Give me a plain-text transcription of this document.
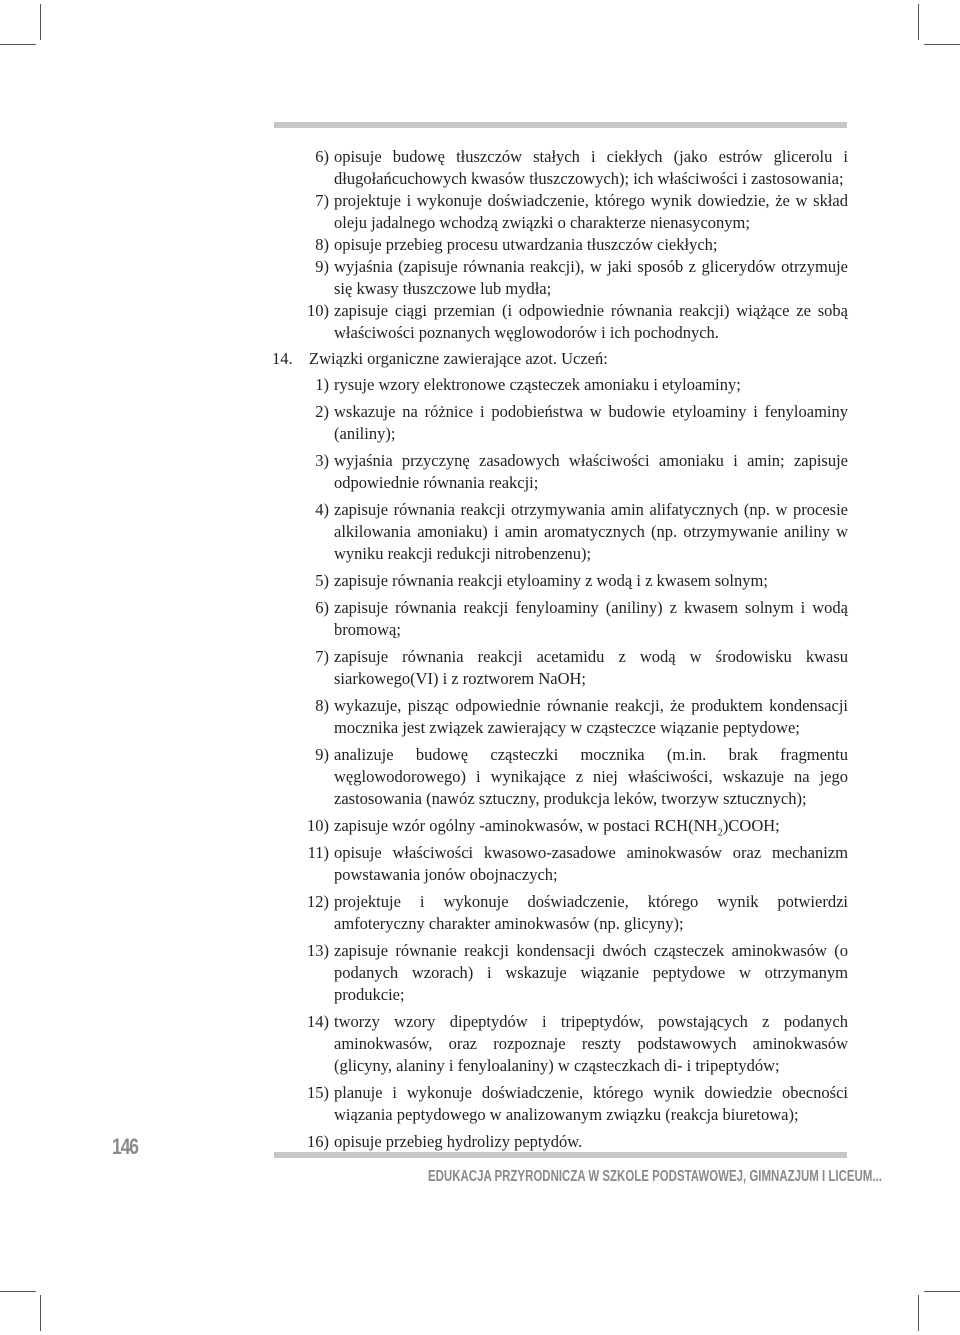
6) opisuje budowę tłuszczów stałych i ciekłych (jako estrów glicerolu i długołańcuchowych kwasów tłuszczowych); ich właściwości i zastosowania;
7) projektuje i wykonuje doświadczenie, którego wynik dowiedzie, że w skład oleju jadalnego wchodzą związki o charakterze nienasyconym;
8) opisuje przebieg procesu utwardzania tłuszczów ciekłych;
9) wyjaśnia (zapisuje równania reakcji), w jaki sposób z glicerydów otrzymuje się kwasy tłuszczowe lub mydła;
10) zapisuje ciągi przemian (i odpowiednie równania reakcji) wiążące ze sobą właściwości poznanych węglowodorów i ich pochodnych.
14. Związki organiczne zawierające azot. Uczeń:
1) rysuje wzory elektronowe cząsteczek amoniaku i etyloaminy;
2) wskazuje na różnice i podobieństwa w budowie etyloaminy i fenyloaminy (aniliny);
3) wyjaśnia przyczynę zasadowych właściwości amoniaku i amin; zapisuje odpowiednie równania reakcji;
4) zapisuje równania reakcji otrzymywania amin alifatycznych (np. w procesie alkilowania amoniaku) i amin aromatycznych (np. otrzymywanie aniliny w wyniku reakcji redukcji nitrobenzenu);
5) zapisuje równania reakcji etyloaminy z wodą i z kwasem solnym;
6) zapisuje równania reakcji fenyloaminy (aniliny) z kwasem solnym i wodą bromową;
7) zapisuje równania reakcji acetamidu z wodą w środowisku kwasu siarkowego(VI) i z roztworem NaOH;
8) wykazuje, pisząc odpowiednie równanie reakcji, że produktem kondensacji mocznika jest związek zawierający w cząsteczce wiązanie peptydowe;
9) analizuje budowę cząsteczki mocznika (m.in. brak fragmentu węglowodorowego) i wynikające z niej właściwości, wskazuje na jego zastosowania (nawóz sztuczny, produkcja leków, tworzyw sztucznych);
10) zapisuje wzór ogólny -aminokwasów, w postaci $RCH(NH_2)COOH$;
11) opisuje właściwości kwasowo-zasadowe aminokwasów oraz mechanizm powstawania jonów obojnaczych;
12) projektuje i wykonuje doświadczenie, którego wynik potwierdzi amfoteryczny charakter aminokwasów (np. glicyny);
13) zapisuje równanie reakcji kondensacji dwóch cząsteczek aminokwasów (o podanych wzorach) i wskazuje wiązanie peptydowe w otrzymanym produkcie;
14) tworzy wzory dipeptydów i tripeptydów, powstających z podanych aminokwasów, oraz rozpoznaje reszty podstawowych aminokwasów (glicyny, alaniny i fenyloalaniny) w cząsteczkach di- i tripeptydów;
15) planuje i wykonuje doświadczenie, którego wynik dowiedzie obecności wiązania peptydowego w analizowanym związku (reakcja biuretowa);
16) opisuje przebieg hydrolizy peptydów.
146
EDUKACJA PRZYRODNICZA W SZKOLE PODSTAWOWEJ, GIMNAZJUM I LICEUM...
